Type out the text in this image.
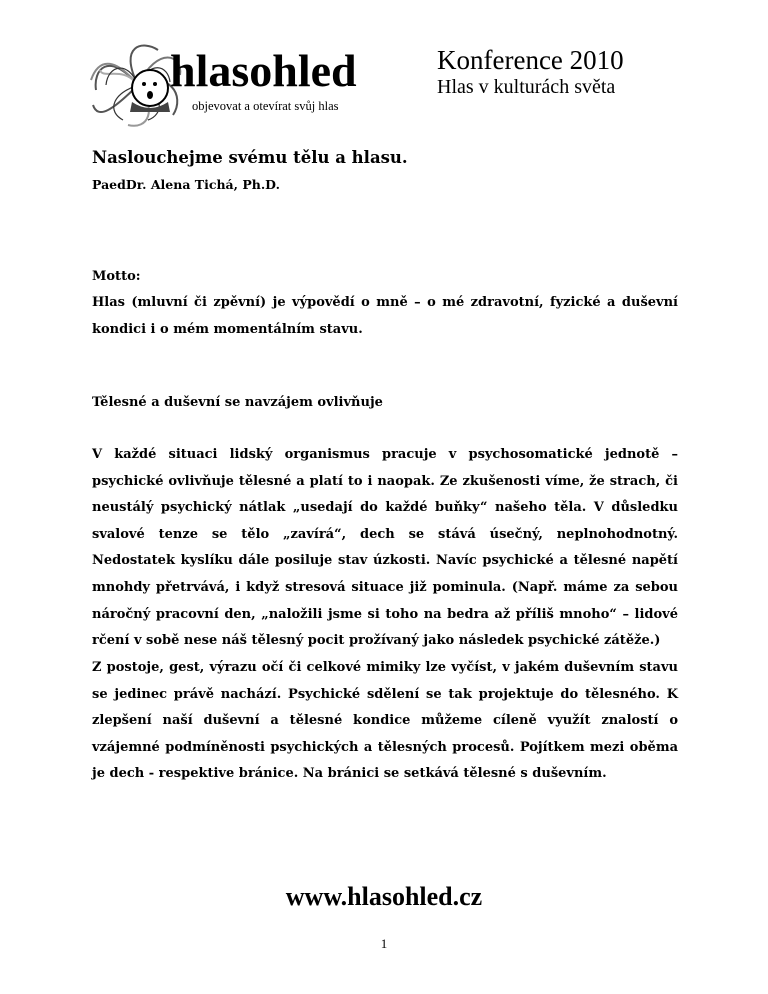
hlasohled
objevovat a otevírat svůj hlas
Konference 2010
Hlas v kulturách světa
Naslouchejme svému tělu a hlasu.
PaedDr. Alena Tichá, Ph.D.
Motto:
Hlas (mluvní či zpěvní) je výpovědí o mně – o mé zdravotní, fyzické a duševní kondici i o mém momentálním stavu.
Tělesné a duševní se navzájem ovlivňuje
V každé situaci lidský organismus pracuje v psychosomatické jednotě – psychické ovlivňuje tělesné a platí to i naopak. Ze zkušenosti víme, že strach, či neustálý psychický nátlak „usedají do každé buňky“ našeho těla. V důsledku svalové tenze se tělo „zavírá“, dech se stává úsečný, neplnohodnotný. Nedostatek kyslíku dále posiluje stav úzkosti. Navíc psychické a tělesné napětí mnohdy přetrvává, i když stresová situace již pominula. (Např. máme za sebou náročný pracovní den, „naložili jsme si toho na bedra až příliš mnoho“ – lidové rčení v sobě nese náš tělesný pocit prožívaný jako následek psychické zátěže.)
Z postoje, gest, výrazu očí či celkové mimiky lze vyčíst, v jakém duševním stavu se jedinec právě nachází. Psychické sdělení se tak projektuje do tělesného. K zlepšení naší duševní a tělesné kondice můžeme cíleně využít znalostí o vzájemné podmíněnosti psychických a tělesných procesů. Pojítkem mezi oběma je dech - respektive bránice. Na bránici se setkává tělesné s duševním.
www.hlasohled.cz
1
